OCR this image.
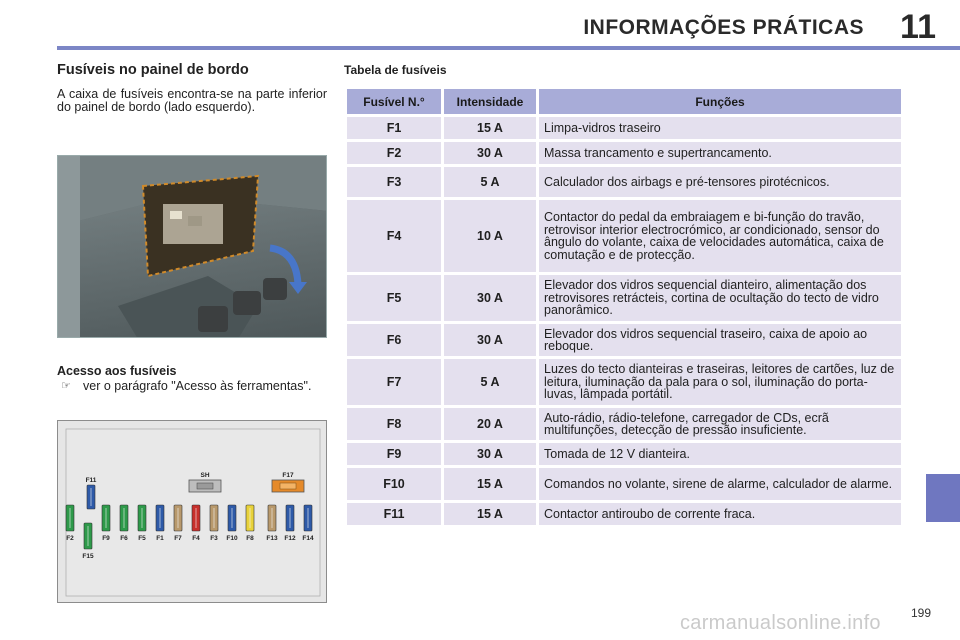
INFORMAÇÕES PRÁTICAS 11
Fusíveis no painel de bordo

A caixa de fusíveis encontra-se na parte inferior do painel de bordo (lado esquerdo).

Acesso aos fusíveis
☞ ver o parágrafo "Acesso às ferramentas".
F11
SH	F17
F2
F15
F9 F6 F5 F1 F7 F4 F3 F10 F8 F13 F12 F14
Tabela de fusíveis
Fusível N.°	Intensidade	Funções
F1	15 A	Limpa-vidros traseiro
F2	30 A	Massa trancamento e supertrancamento.
F3	5 A	Calculador dos airbags e pré-tensores pirotécnicos.
F4	10 A	Contactor do pedal da embraiagem e bi-função do travão, retrovisor interior electrocrómico, ar condicionado, sensor do ângulo do volante, caixa de velocidades automática, caixa de comutação e de protecção.
F5	30 A	Elevador dos vidros sequencial dianteiro, alimentação dos retrovisores retrácteis, cortina de ocultação do tecto de vidro panorâmico.
F6	30 A	Elevador dos vidros sequencial traseiro, caixa de apoio ao reboque.
F7	5 A	Luzes do tecto dianteiras e traseiras, leitores de cartões, luz de leitura, iluminação da pala para o sol, iluminação do porta-luvas, lâmpada portátil.
F8	20 A	Auto-rádio, rádio-telefone, carregador de CDs, ecrã multifunções, detecção de pressão insuficiente.
F9	30 A	Tomada de 12 V dianteira.
F10	15 A	Comandos no volante, sirene de alarme, calculador de alarme.
F11	15 A	Contactor antiroubo de corrente fraca.
carmanualsonline.info	199
